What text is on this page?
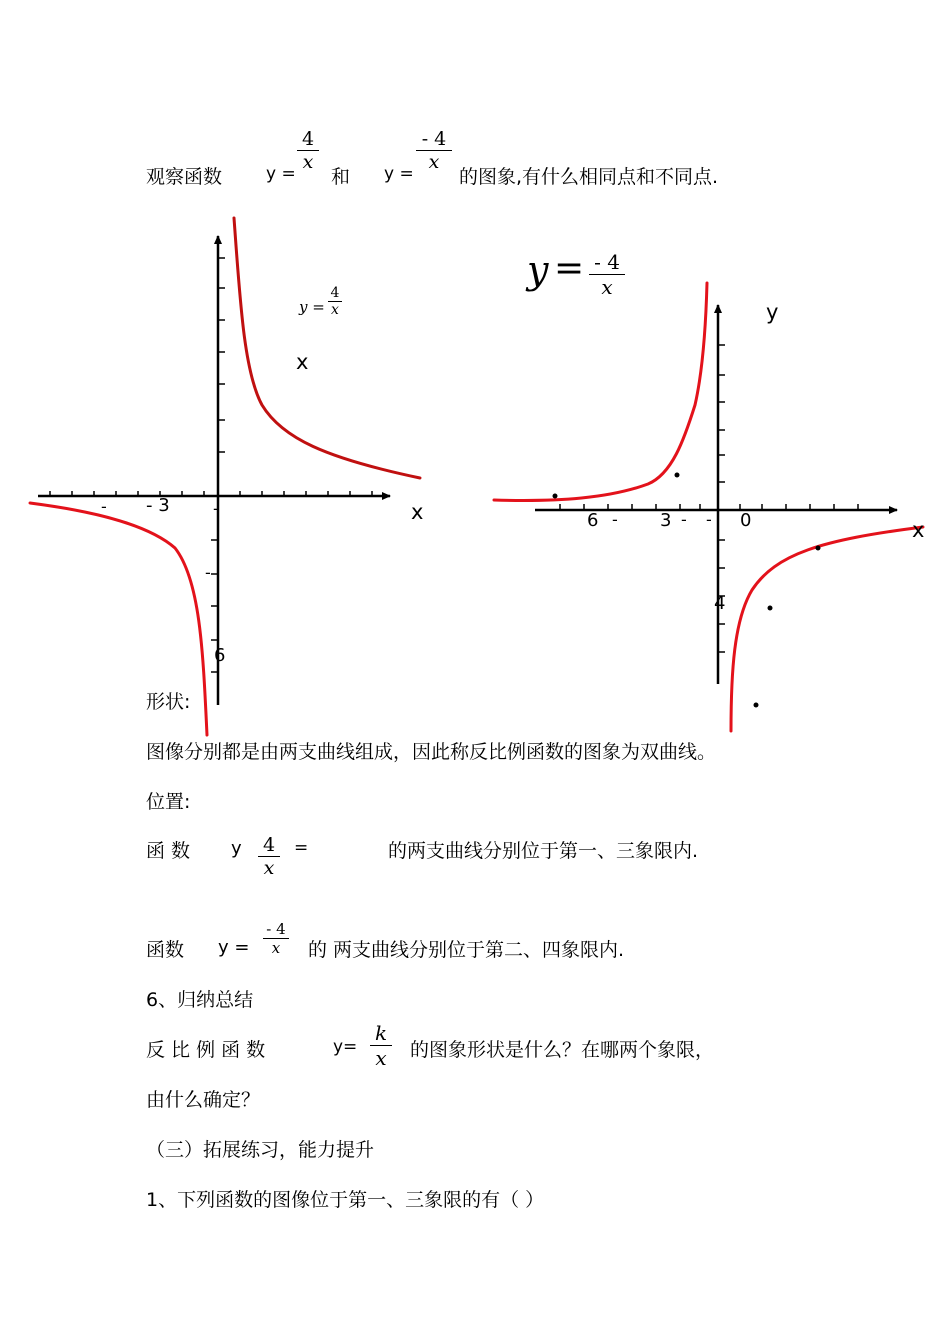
观察函数	y =
4
x
和 y =
- 4
x
的图象,有什么相同点和不同点.
y =
4
x
x
x
- - 3	-
-
6
y = - 4
x
y
x
6 - 3 - - 0
4
形状:
图像分别都是由两支曲线组成，因此称反比例函数的图象为双曲线。
位置:
函 数 y 4
x
=	的两支曲线分别位于第一、三象限内.
函数 y =
- 4
x	的 两支曲线分别位于第二、四象限内.
6、归纳总结
反 比 例 函 数	y=
k
x 的图象形状是什么？在哪两个象限，
由什么确定？
（三）拓展练习，能力提升
1、下列函数的图像位于第一、三象限的有（ ）
